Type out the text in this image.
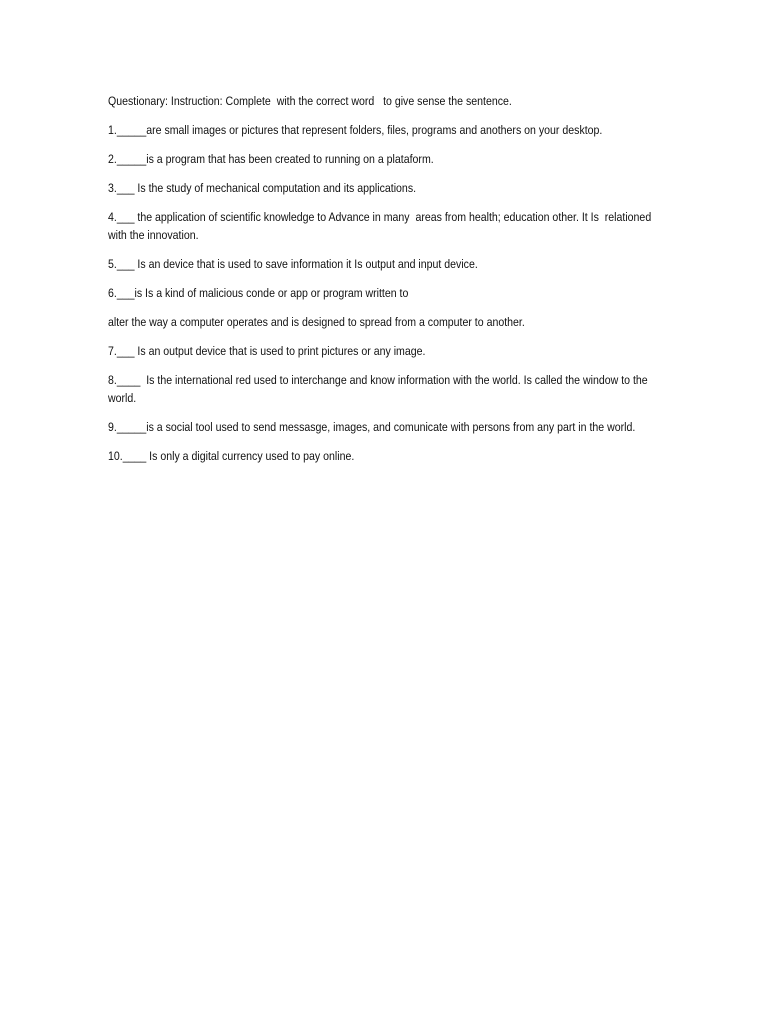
Questionary: Instruction: Complete  with the correct word   to give sense the sentence.

1._____are small images or pictures that represent folders, files, programs and anothers on your desktop.

2._____is a program that has been created to running on a plataform.

3.___ Is the study of mechanical computation and its applications.

4.___ the application of scientific knowledge to Advance in many  areas from health; education other. It Is  relationed with the innovation.

5.___ Is an device that is used to save information it Is output and input device.

6.___is Is a kind of malicious conde or app or program written to

alter the way a computer operates and is designed to spread from a computer to another.

7.___ Is an output device that is used to print pictures or any image.

8.____  Is the international red used to interchange and know information with the world. Is called the window to the world.

9._____is a social tool used to send messasge, images, and comunicate with persons from any part in the world.

10.____ Is only a digital currency used to pay online.
